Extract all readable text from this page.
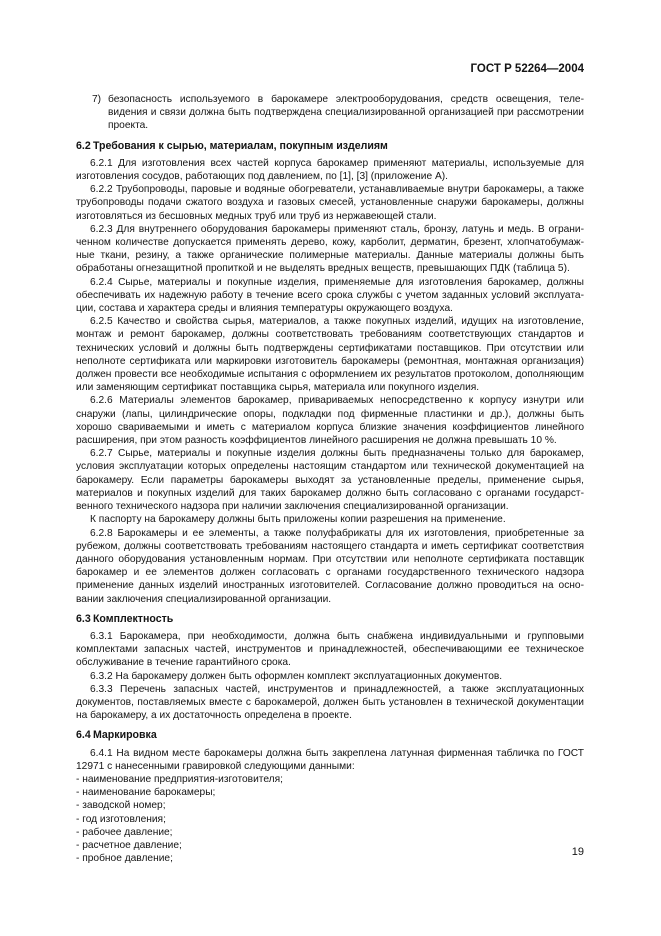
ГОСТ Р 52264—2004

7) безопасность используемого в барокамере электрооборудования, средств освещения, телевидения и связи должна быть подтверждена специализированной организацией при рассмотрении проекта.

6.2 Требования к сырью, материалам, покупным изделиям

6.2.1 Для изготовления всех частей корпуса барокамер применяют материалы, используемые для изготовления сосудов, работающих под давлением, по [1], [3] (приложение А).

6.2.2 Трубопроводы, паровые и водяные обогреватели, устанавливаемые внутри барокамеры, а также трубопроводы подачи сжатого воздуха и газовых смесей, установленные снаружи барокамеры, должны изготовляться из бесшовных медных труб или труб из нержавеющей стали.

6.2.3 Для внутреннего оборудования барокамеры применяют сталь, бронзу, латунь и медь. В ограниченном количестве допускается применять дерево, кожу, карболит, дерматин, брезент, хлопчатобумажные ткани, резину, а также органические полимерные материалы. Данные материалы должны быть обработаны огнезащитной пропиткой и не выделять вредных веществ, превышающих ПДК (таблица 5).

6.2.4 Сырье, материалы и покупные изделия, применяемые для изготовления барокамер, должны обеспечивать их надежную работу в течение всего срока службы с учетом заданных условий эксплуатации, состава и характера среды и влияния температуры окружающего воздуха.

6.2.5 Качество и свойства сырья, материалов, а также покупных изделий, идущих на изготовление, монтаж и ремонт барокамер, должны соответствовать требованиям соответствующих стандартов и технических условий и должны быть подтверждены сертификатами поставщиков. При отсутствии или неполноте сертификата или маркировки изготовитель барокамеры (ремонтная, монтажная организация) должен провести все необходимые испытания с оформлением их результатов протоколом, дополняющим или заменяющим сертификат поставщика сырья, материала или покупного изделия.

6.2.6 Материалы элементов барокамер, привариваемых непосредственно к корпусу изнутри или снаружи (лапы, цилиндрические опоры, подкладки под фирменные пластинки и др.), должны быть хорошо свариваемыми и иметь с материалом корпуса близкие значения коэффициентов линейного расширения, при этом разность коэффициентов линейного расширения не должна превышать 10 %.

6.2.7 Сырье, материалы и покупные изделия должны быть предназначены только для барокамер, условия эксплуатации которых определены настоящим стандартом или технической документацией на барокамеру. Если параметры барокамеры выходят за установленные пределы, применение сырья, материалов и покупных изделий для таких барокамер должно быть согласовано с органами государственного технического надзора при наличии заключения специализированной организации.

К паспорту на барокамеру должны быть приложены копии разрешения на применение.

6.2.8 Барокамеры и ее элементы, а также полуфабрикаты для их изготовления, приобретенные за рубежом, должны соответствовать требованиям настоящего стандарта и иметь сертификат соответствия данного оборудования установленным нормам. При отсутствии или неполноте сертификата поставщик барокамер и ее элементов должен согласовать с органами государственного технического надзора применение данных изделий иностранных изготовителей. Согласование должно проводиться на основании заключения специализированной организации.

6.3 Комплектность

6.3.1 Барокамера, при необходимости, должна быть снабжена индивидуальными и групповыми комплектами запасных частей, инструментов и принадлежностей, обеспечивающими ее техническое обслуживание в течение гарантийного срока.

6.3.2 На барокамеру должен быть оформлен комплект эксплуатационных документов.

6.3.3 Перечень запасных частей, инструментов и принадлежностей, а также эксплуатационных документов, поставляемых вместе с барокамерой, должен быть установлен в технической документации на барокамеру, а их достаточность определена в проекте.

6.4 Маркировка

6.4.1 На видном месте барокамеры должна быть закреплена латунная фирменная табличка по ГОСТ 12971 с нанесенными гравировкой следующими данными:

- наименование предприятия-изготовителя;

- наименование барокамеры;

- заводской номер;

- год изготовления;

- рабочее давление;

- расчетное давление;

- пробное давление;

19
